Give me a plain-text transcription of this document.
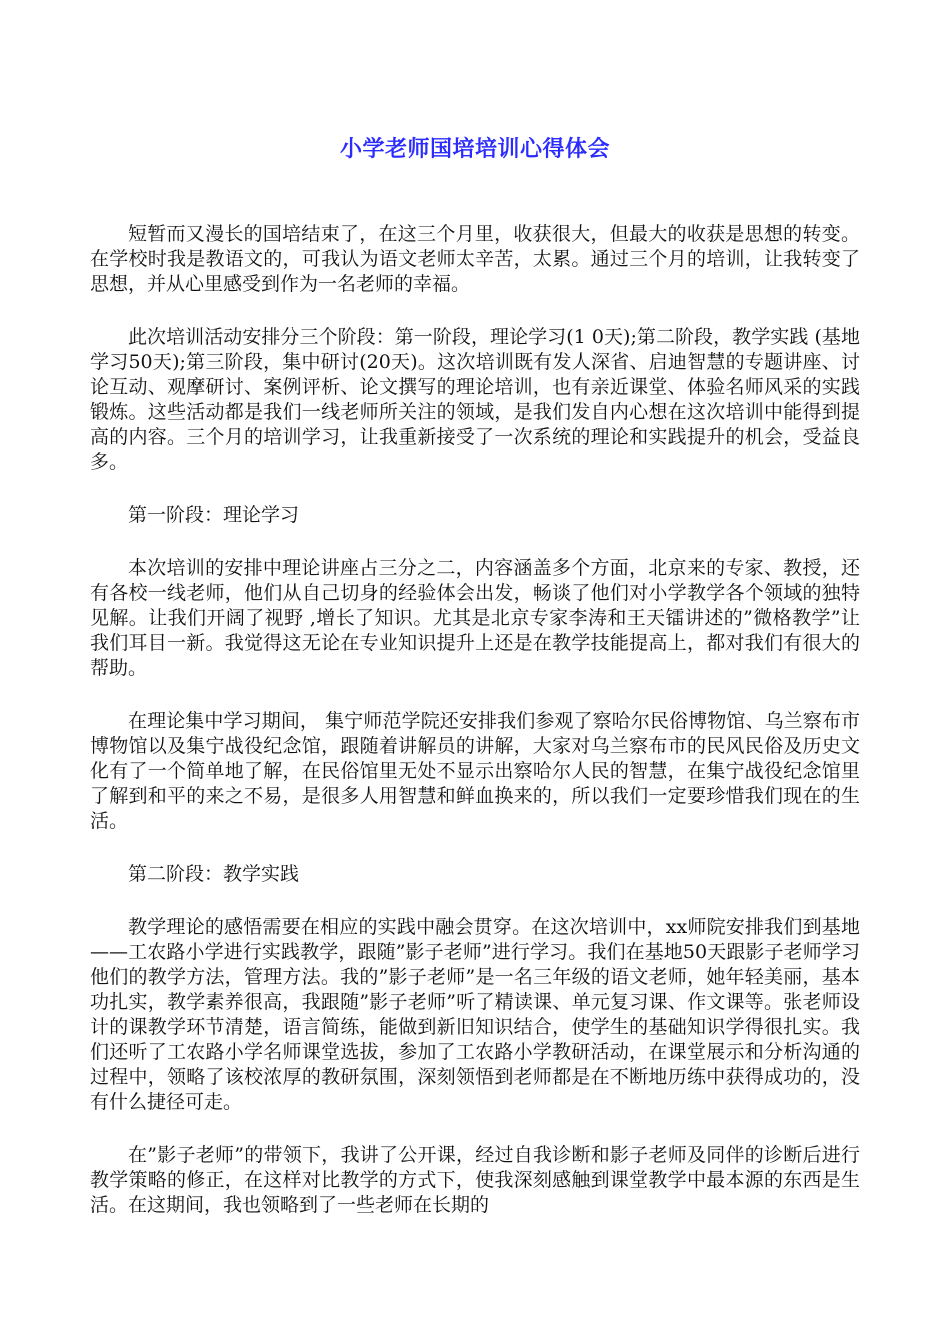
小学老师国培培训心得体会

短暂而又漫长的国培结束了，在这三个月里，收获很大，但最大的收获是思想的转变。在学校时我是教语文的，可我认为语文老师太辛苦，太累。通过三个月的培训，让我转变了思想，并从心里感受到作为一名老师的幸福。

此次培训活动安排分三个阶段：第一阶段，理论学习(1 0天);第二阶段，教学实践 (基地学习50天);第三阶段，集中研讨(20天)。这次培训既有发人深省、启迪智慧的专题讲座、讨论互动、观摩研讨、案例评析、论文撰写的理论培训，也有亲近课堂、体验名师风采的实践锻炼。这些活动都是我们一线老师所关注的领域，是我们发自内心想在这次培训中能得到提高的内容。三个月的培训学习，让我重新接受了一次系统的理论和实践提升的机会，受益良多。

第一阶段：理论学习

本次培训的安排中理论讲座占三分之二，内容涵盖多个方面，北京来的专家、教授，还有各校一线老师，他们从自己切身的经验体会出发，畅谈了他们对小学教学各个领域的独特见解。让我们开阔了视野 ,增长了知识。尤其是北京专家李涛和王天镭讲述的”微格教学”让我们耳目一新。我觉得这无论在专业知识提升上还是在教学技能提高上，都对我们有很大的帮助。

在理论集中学习期间， 集宁师范学院还安排我们参观了察哈尔民俗博物馆、乌兰察布市博物馆以及集宁战役纪念馆，跟随着讲解员的讲解，大家对乌兰察布市的民风民俗及历史文化有了一个简单地了解，在民俗馆里无处不显示出察哈尔人民的智慧，在集宁战役纪念馆里了解到和平的来之不易，是很多人用智慧和鲜血换来的，所以我们一定要珍惜我们现在的生活。

第二阶段：教学实践

教学理论的感悟需要在相应的实践中融会贯穿。在这次培训中，xx师院安排我们到基地——工农路小学进行实践教学，跟随”影子老师”进行学习。我们在基地50天跟影子老师学习他们的教学方法，管理方法。我的”影子老师”是一名三年级的语文老师，她年轻美丽，基本功扎实，教学素养很高，我跟随”影子老师”听了精读课、单元复习课、作文课等。张老师设计的课教学环节清楚，语言简练，能做到新旧知识结合，使学生的基础知识学得很扎实。我们还听了工农路小学名师课堂选拔，参加了工农路小学教研活动，在课堂展示和分析沟通的过程中，领略了该校浓厚的教研氛围，深刻领悟到老师都是在不断地历练中获得成功的，没有什么捷径可走。

在”影子老师”的带领下，我讲了公开课，经过自我诊断和影子老师及同伴的诊断后进行教学策略的修正，在这样对比教学的方式下，使我深刻感触到课堂教学中最本源的东西是生活。在这期间，我也领略到了一些老师在长期的
